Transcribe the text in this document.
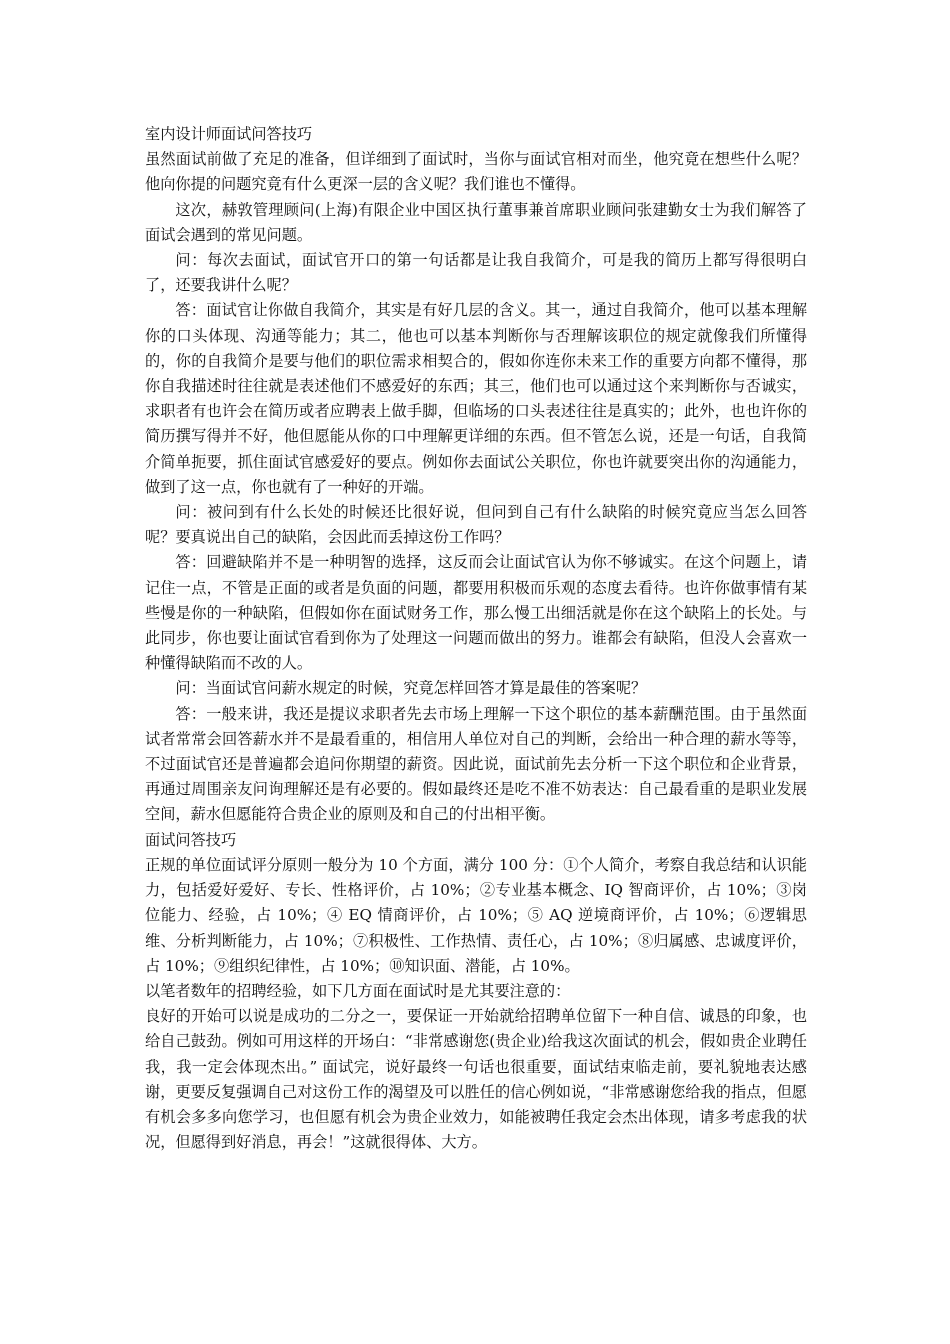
室内设计师面试问答技巧

虽然面试前做了充足的准备，但详细到了面试时，当你与面试官相对而坐，他究竟在想些什么呢？他向你提的问题究竟有什么更深一层的含义呢？我们谁也不懂得。

这次，赫敦管理顾问(上海)有限企业中国区执行董事兼首席职业顾问张建勤女士为我们解答了面试会遇到的常见问题。

问：每次去面试，面试官开口的第一句话都是让我自我简介，可是我的简历上都写得很明白了，还要我讲什么呢？

答：面试官让你做自我简介，其实是有好几层的含义。其一，通过自我简介，他可以基本理解你的口头体现、沟通等能力；其二，他也可以基本判断你与否理解该职位的规定就像我们所懂得的，你的自我简介是要与他们的职位需求相契合的，假如你连你未来工作的重要方向都不懂得，那你自我描述时往往就是表述他们不感爱好的东西；其三，他们也可以通过这个来判断你与否诚实，求职者有也许会在简历或者应聘表上做手脚，但临场的口头表述往往是真实的；此外，也也许你的简历撰写得并不好，他但愿能从你的口中理解更详细的东西。但不管怎么说，还是一句话，自我简介简单扼要，抓住面试官感爱好的要点。例如你去面试公关职位，你也许就要突出你的沟通能力，做到了这一点，你也就有了一种好的开端。

问：被问到有什么长处的时候还比很好说，但问到自己有什么缺陷的时候究竟应当怎么回答呢？要真说出自己的缺陷，会因此而丢掉这份工作吗？

答：回避缺陷并不是一种明智的选择，这反而会让面试官认为你不够诚实。在这个问题上，请记住一点，不管是正面的或者是负面的问题，都要用积极而乐观的态度去看待。也许你做事情有某些慢是你的一种缺陷，但假如你在面试财务工作，那么慢工出细活就是你在这个缺陷上的长处。与此同步，你也要让面试官看到你为了处理这一问题而做出的努力。谁都会有缺陷，但没人会喜欢一种懂得缺陷而不改的人。

问：当面试官问薪水规定的时候，究竟怎样回答才算是最佳的答案呢？

答：一般来讲，我还是提议求职者先去市场上理解一下这个职位的基本薪酬范围。由于虽然面试者常常会回答薪水并不是最看重的，相信用人单位对自己的判断，会给出一种合理的薪水等等，不过面试官还是普遍都会追问你期望的薪资。因此说，面试前先去分析一下这个职位和企业背景，再通过周围亲友问询理解还是有必要的。假如最终还是吃不准不妨表达：自己最看重的是职业发展空间，薪水但愿能符合贵企业的原则及和自己的付出相平衡。

面试问答技巧

正规的单位面试评分原则一般分为 10 个方面，满分 100 分：①个人简介，考察自我总结和认识能力，包括爱好爱好、专长、性格评价，占 10%；②专业基本概念、IQ 智商评价，占 10%；③岗位能力、经验，占 10%；④ EQ 情商评价，占 10%；⑤ AQ 逆境商评价，占 10%；⑥逻辑思维、分析判断能力，占 10%；⑦积极性、工作热情、责任心，占 10%；⑧归属感、忠诚度评价，占 10%；⑨组织纪律性，占 10%；⑩知识面、潜能，占 10%。

以笔者数年的招聘经验，如下几方面在面试时是尤其要注意的：

良好的开始可以说是成功的二分之一，要保证一开始就给招聘单位留下一种自信、诚恳的印象，也给自己鼓劲。例如可用这样的开场白：“非常感谢您(贵企业)给我这次面试的机会，假如贵企业聘任我，我一定会体现杰出。” 面试完，说好最终一句话也很重要，面试结束临走前，要礼貌地表达感谢，更要反复强调自己对这份工作的渴望及可以胜任的信心例如说，“非常感谢您给我的指点，但愿有机会多多向您学习，也但愿有机会为贵企业效力，如能被聘任我定会杰出体现，请多考虑我的状况，但愿得到好消息，再会！”这就很得体、大方。
